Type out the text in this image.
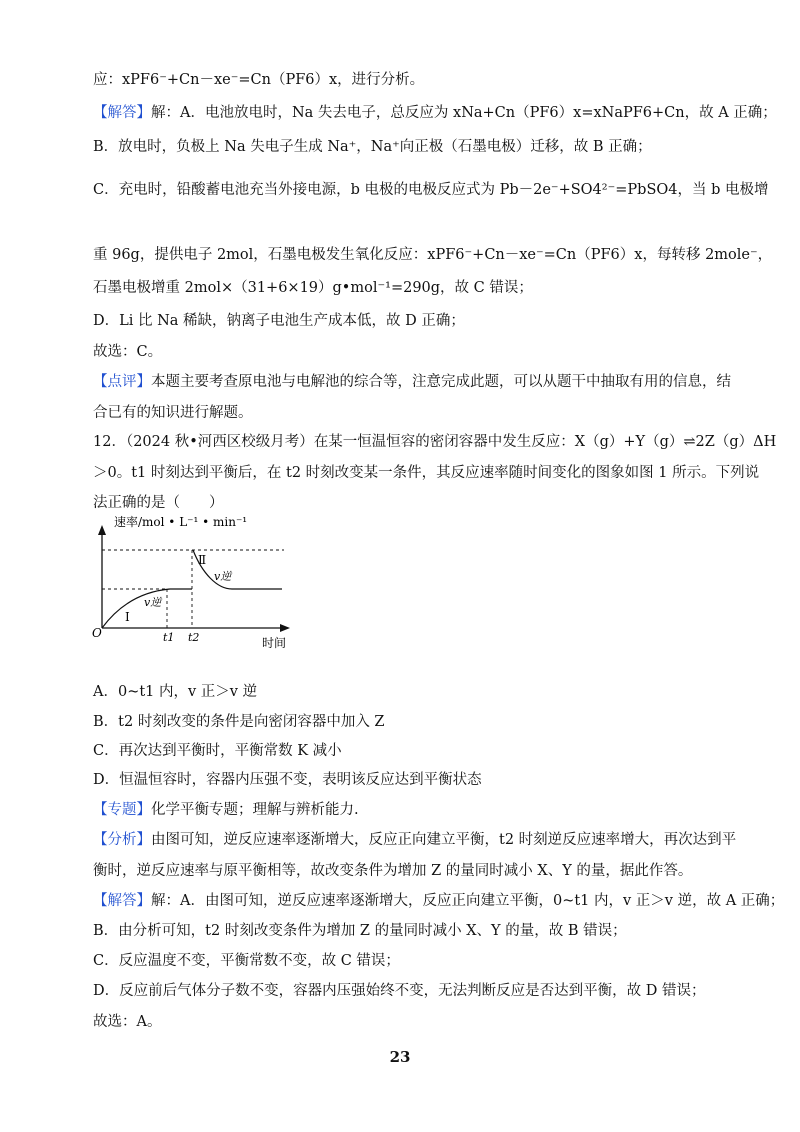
应：xPF6⁻+Cn－xe⁻=Cn（PF6）x，进行分析。
【解答】解：A．电池放电时，Na 失去电子，总反应为 xNa+Cn（PF6）x=xNaPF6+Cn，故 A 正确；
B．放电时，负极上 Na 失电子生成 Na⁺，Na⁺向正极（石墨电极）迁移，故 B 正确；
C．充电时，铅酸蓄电池充当外接电源，b 电极的电极反应式为 Pb－2e⁻+SO4²⁻=PbSO4，当 b 电极增
重 96g，提供电子 2mol，石墨电极发生氧化反应：xPF6⁻+Cn－xe⁻=Cn（PF6）x，每转移 2mole⁻，
石墨电极增重 2mol×（31+6×19）g•mol⁻¹=290g，故 C 错误；
D．Li 比 Na 稀缺，钠离子电池生产成本低，故 D 正确；
故选：C。
【点评】本题主要考查原电池与电解池的综合等，注意完成此题，可以从题干中抽取有用的信息，结
合已有的知识进行解题。
12．（2024 秋•河西区校级月考）在某一恒温恒容的密闭容器中发生反应：X（g）+Y（g）⇌2Z（g）ΔH
＞0。t1 时刻达到平衡后，在 t2 时刻改变某一条件，其反应速率随时间变化的图象如图 1 所示。下列说
法正确的是（　　）
A．0~t1 内，v 正＞v 逆
B．t2 时刻改变的条件是向密闭容器中加入 Z
C．再次达到平衡时，平衡常数 K 减小
D．恒温恒容时，容器内压强不变，表明该反应达到平衡状态
【专题】化学平衡专题；理解与辨析能力.
【分析】由图可知，逆反应速率逐渐增大，反应正向建立平衡，t2 时刻逆反应速率增大，再次达到平
衡时，逆反应速率与原平衡相等，故改变条件为增加 Z 的量同时减小 X、Y 的量，据此作答。
【解答】解：A．由图可知，逆反应速率逐渐增大，反应正向建立平衡，0~t1 内，v 正＞v 逆，故 A 正确；
B．由分析可知，t2 时刻改变条件为增加 Z 的量同时减小 X、Y 的量，故 B 错误；
C．反应温度不变，平衡常数不变，故 C 错误；
D．反应前后气体分子数不变，容器内压强始终不变，无法判断反应是否达到平衡，故 D 错误；
故选：A。
速率/mol • L⁻¹ • min⁻¹
时间
O	t1 t2
I
Ⅱ
v逆
v逆
23
